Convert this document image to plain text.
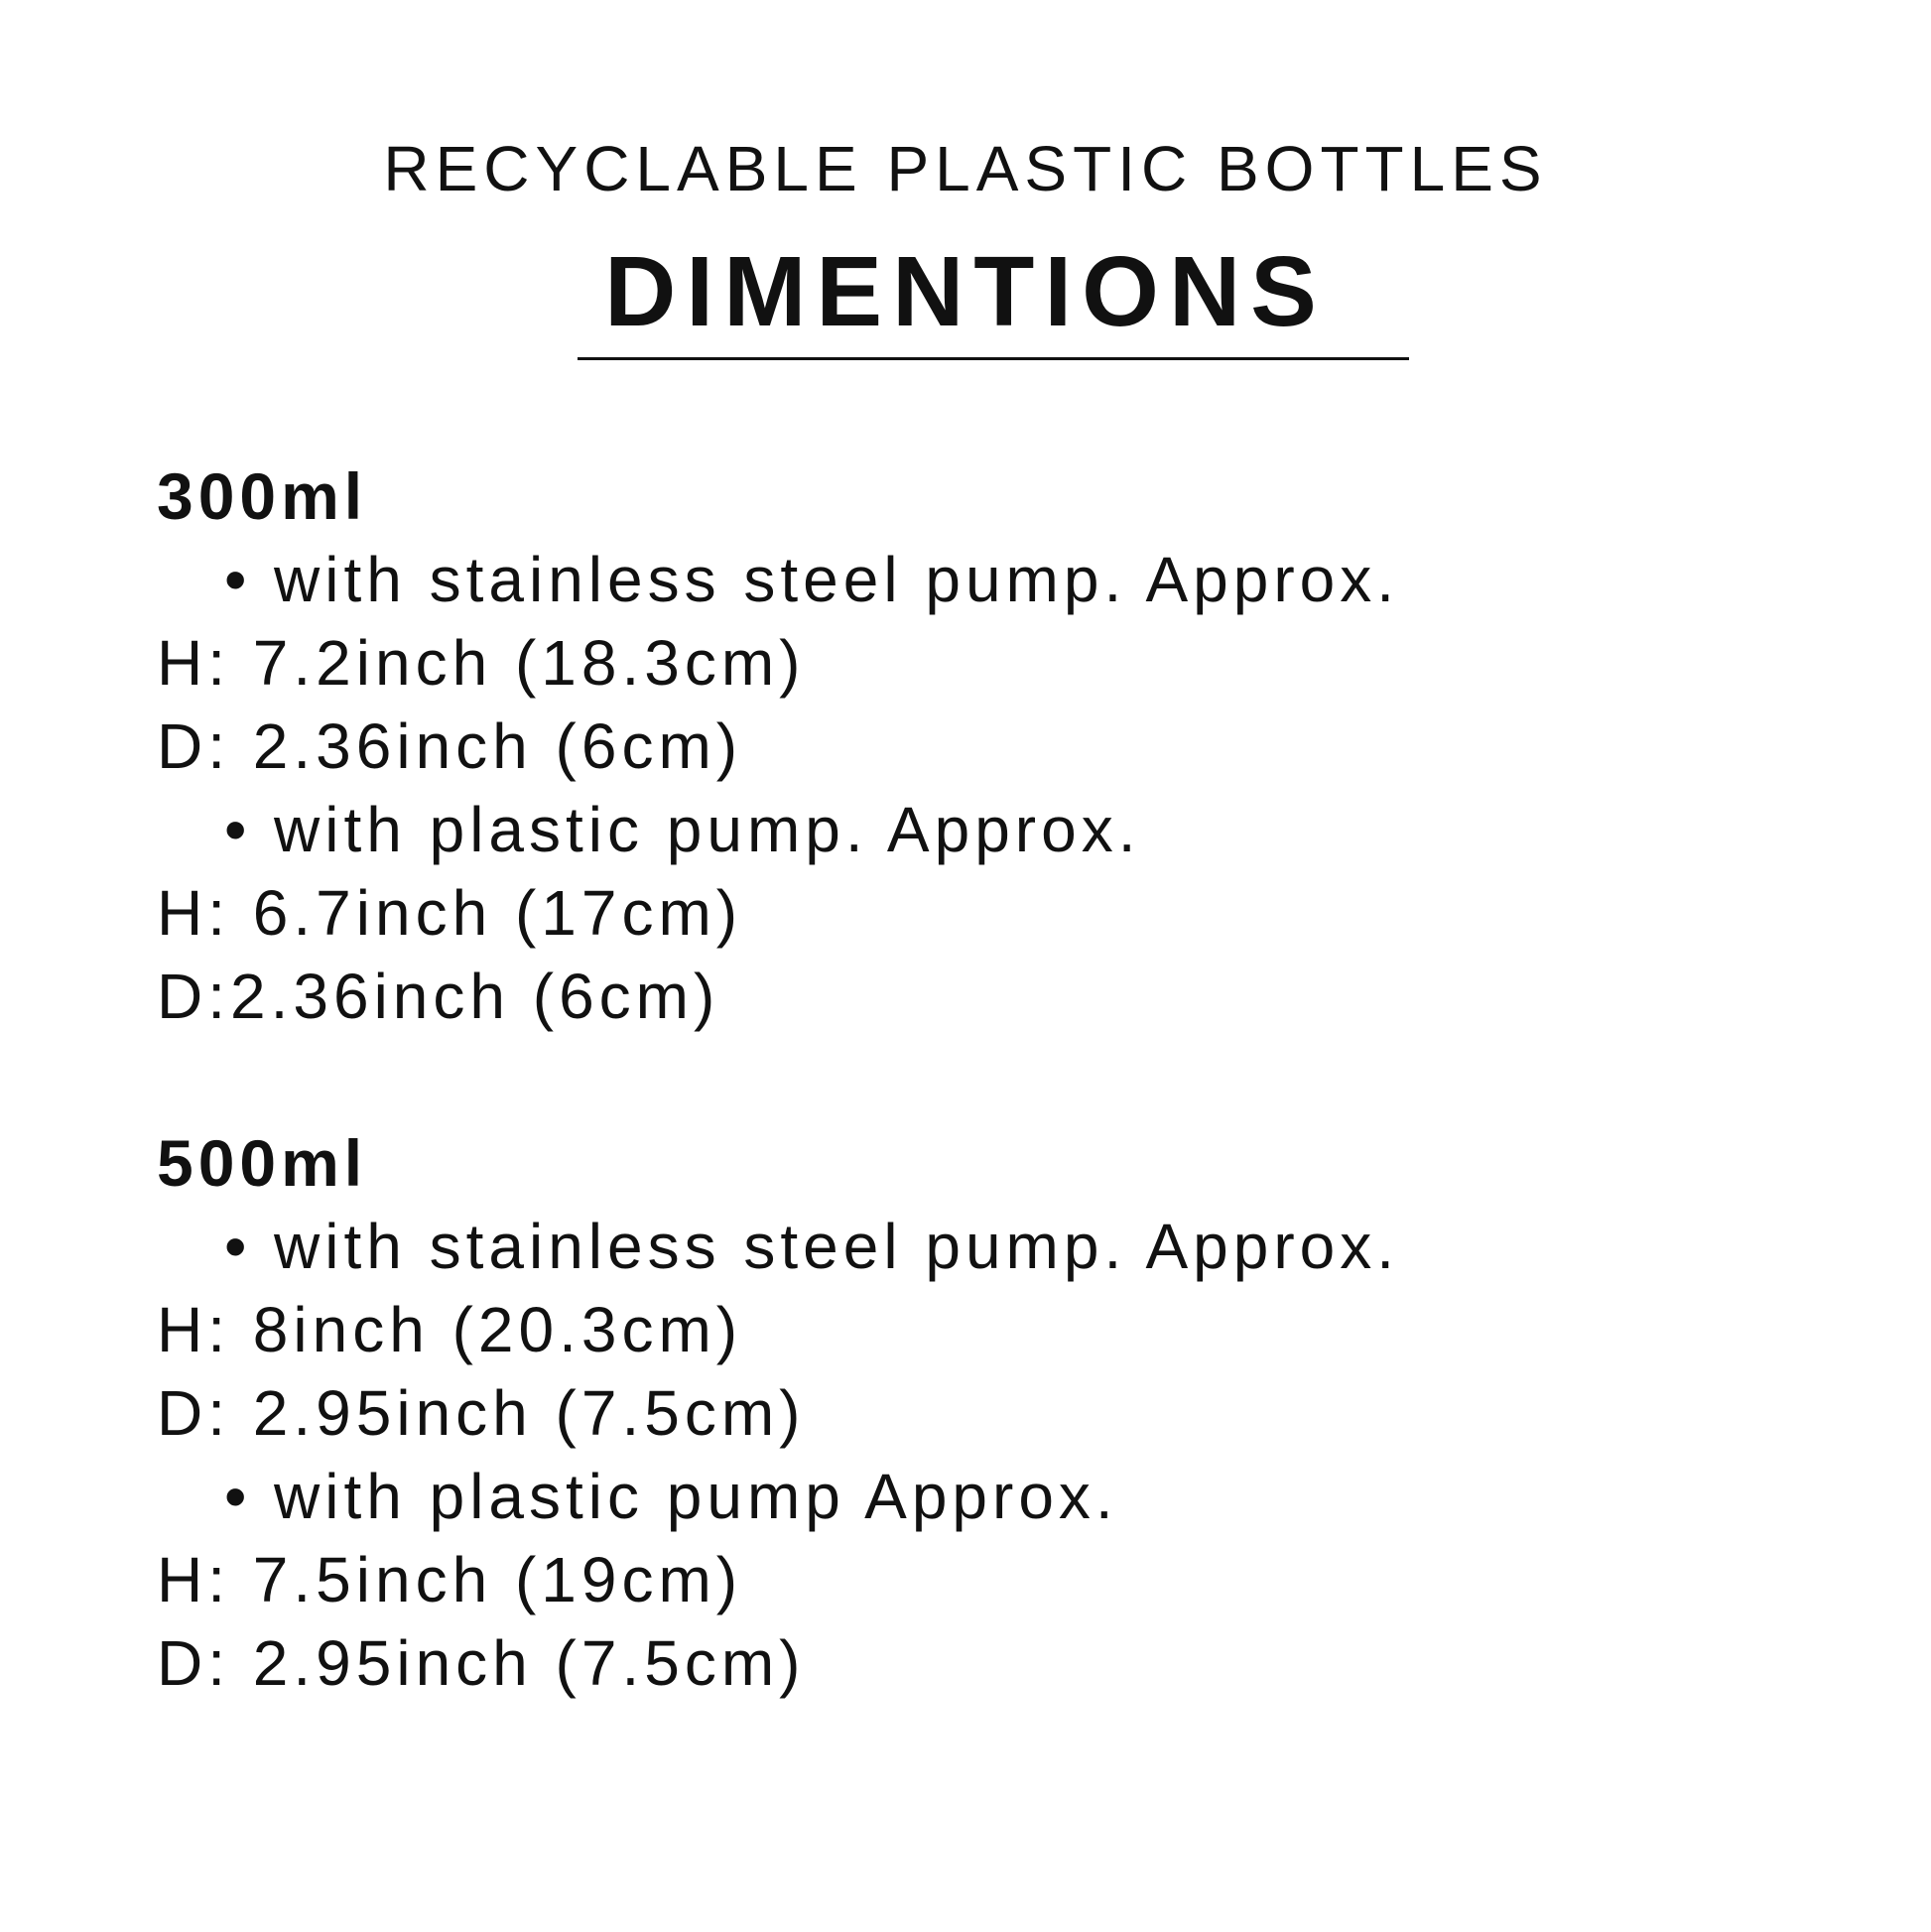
RECYCLABLE PLASTIC BOTTLES
DIMENTIONS
300ml
• with stainless steel pump. Approx.
H: 7.2inch (18.3cm)
D: 2.36inch (6cm)
• with plastic pump. Approx.
H: 6.7inch (17cm)
D:2.36inch (6cm)
500ml
• with stainless steel pump. Approx.
H: 8inch (20.3cm)
D: 2.95inch (7.5cm)
• with plastic pump Approx.
H: 7.5inch (19cm)
D: 2.95inch (7.5cm)
